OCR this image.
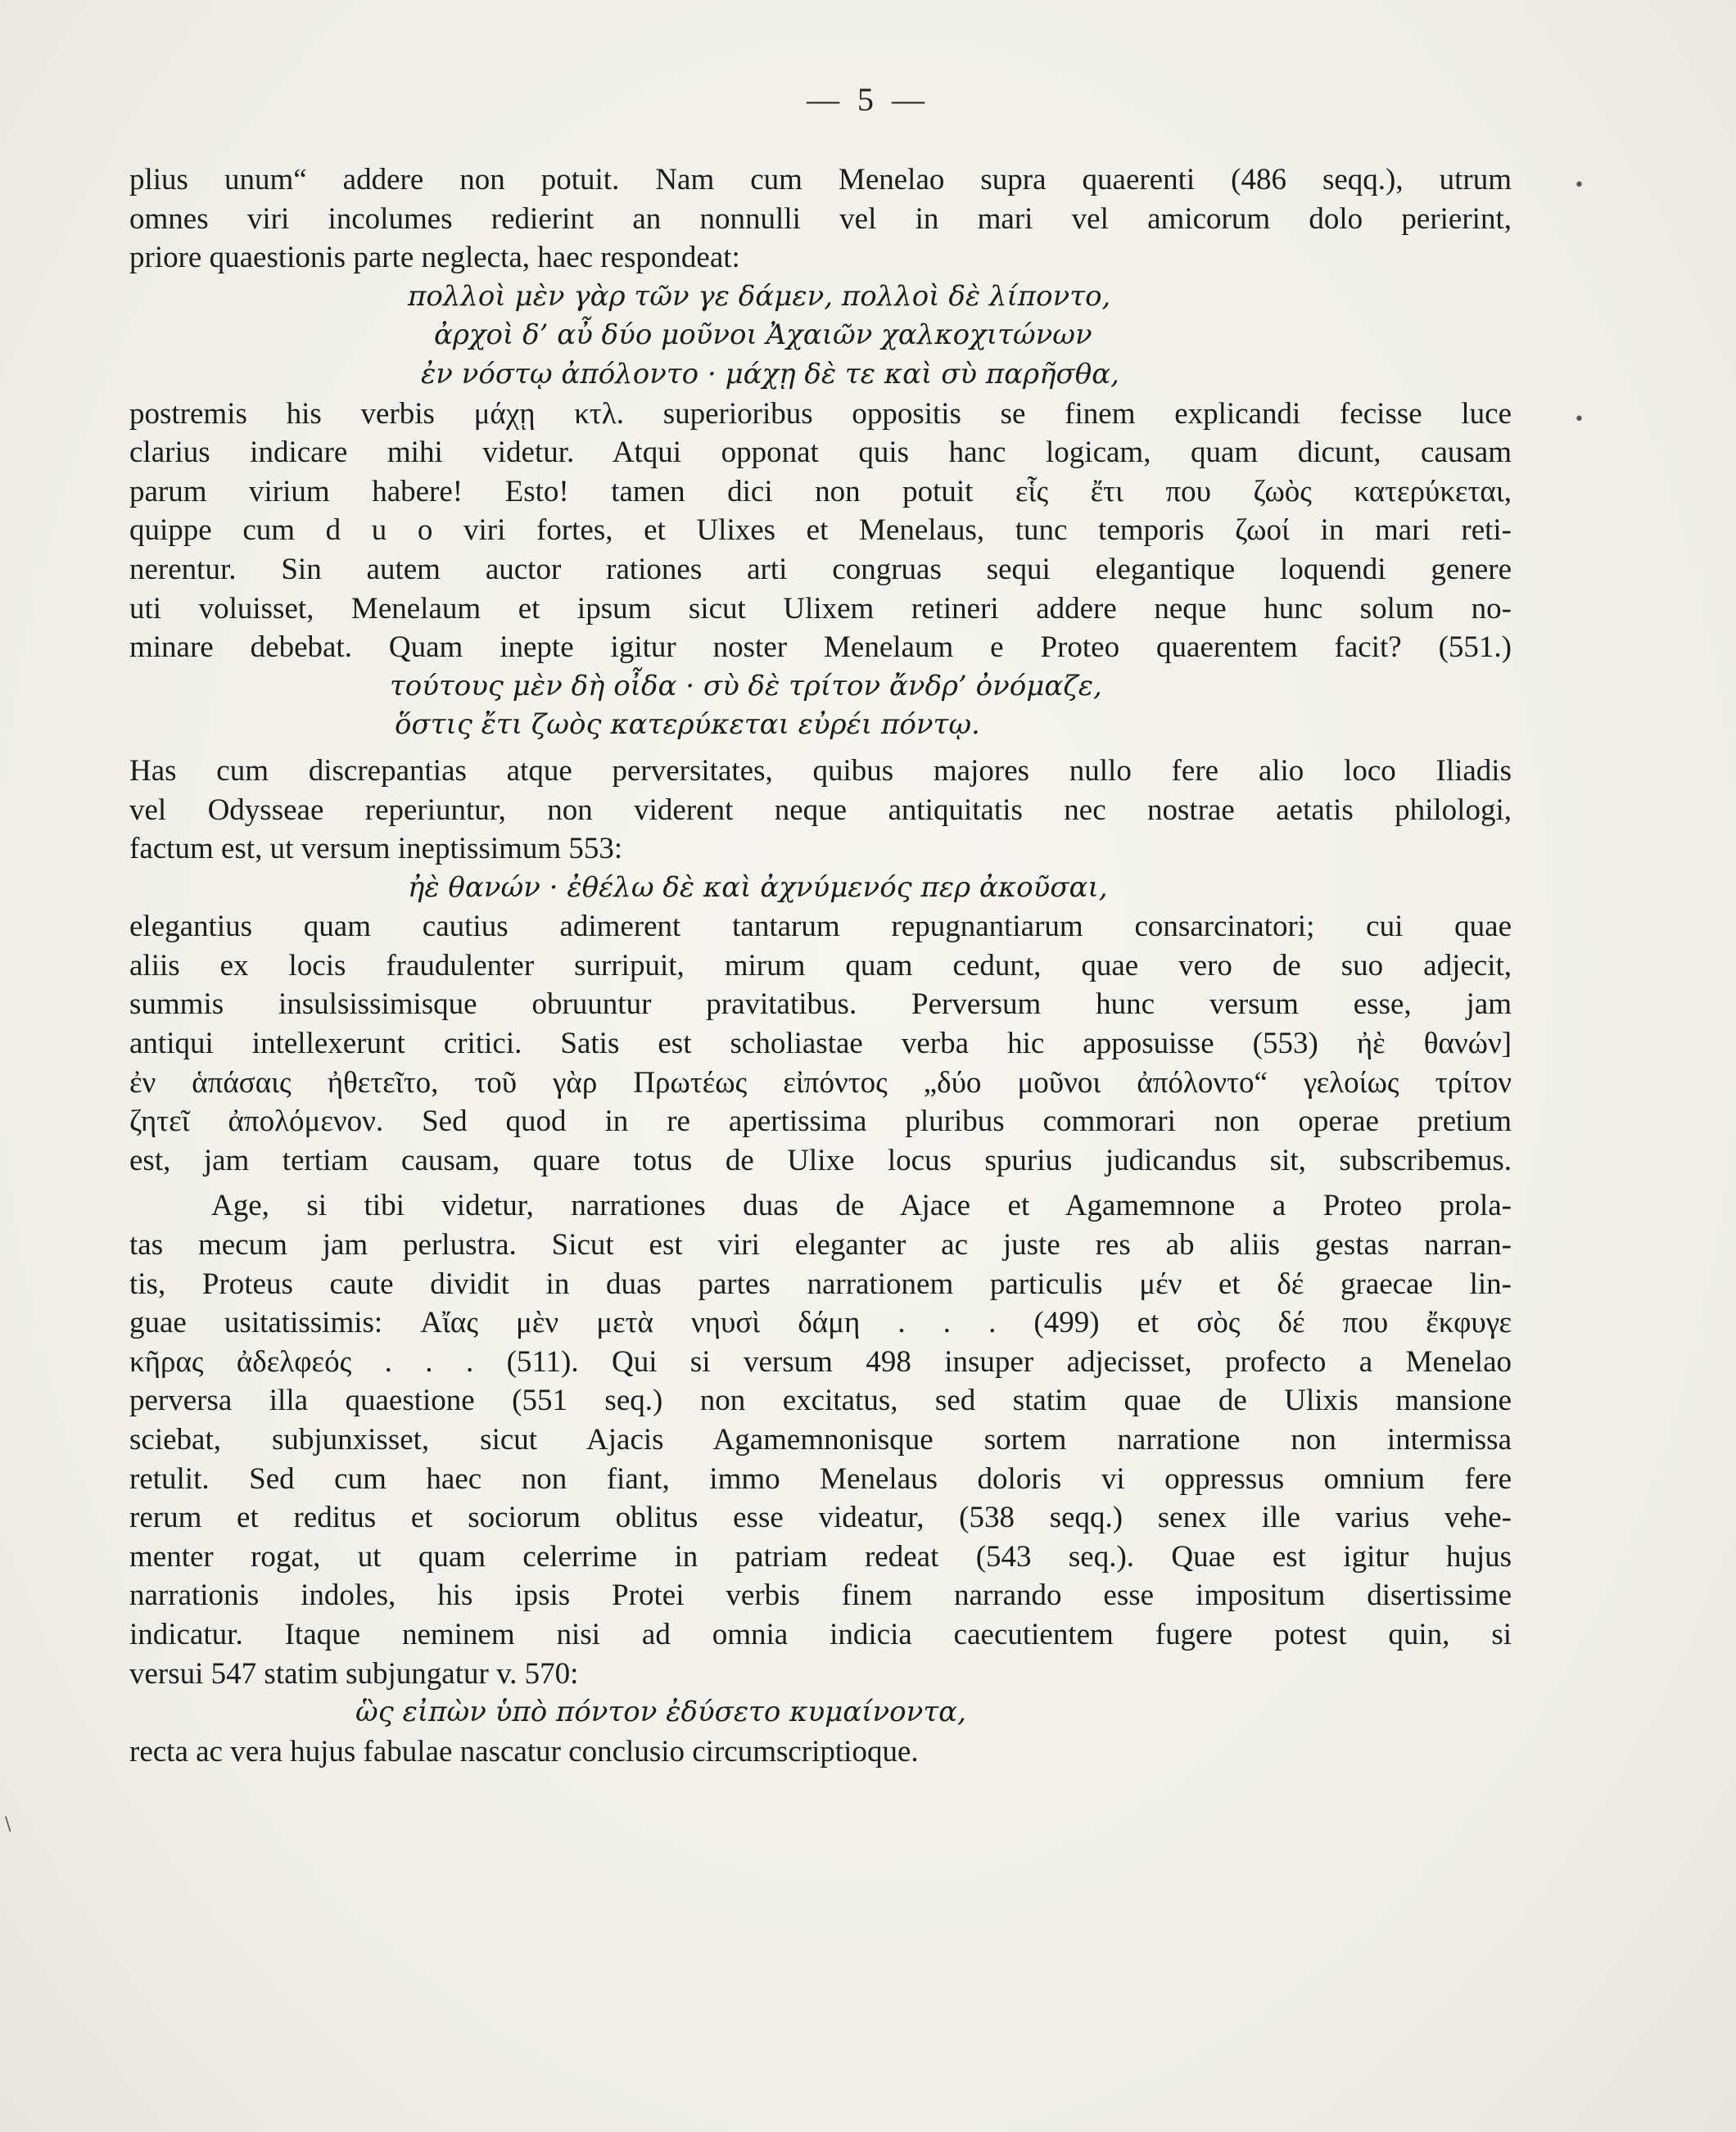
— 5 —
•
•
\
plius unum“ addere non potuit. Nam cum Menelao supra quaerenti (486 seqq.), utrum
omnes viri incolumes redierint an nonnulli vel in mari vel amicorum dolo perierint,
priore quaestionis parte neglecta, haec respondeat:
πολλοὶ μὲν γὰρ τῶν γε δάμεν, πολλοὶ δὲ λίποντο,
ἀρχοὶ δ’ αὖ δύο μοῦνοι Ἀχαιῶν χαλκοχιτώνων
ἐν νόστῳ ἀπόλοντο · μάχῃ δὲ τε καὶ σὺ παρῆσθα,
postremis his verbis μάχῃ κτλ. superioribus oppositis se finem explicandi fecisse luce
clarius indicare mihi videtur. Atqui opponat quis hanc logicam, quam dicunt, causam
parum virium habere! Esto! tamen dici non potuit εἷς ἔτι που ζωὸς κατερύκεται,
quippe cum d u o viri fortes, et Ulixes et Menelaus, tunc temporis ζωοί in mari reti-
nerentur. Sin autem auctor rationes arti congruas sequi elegantique loquendi genere
uti voluisset, Menelaum et ipsum sicut Ulixem retineri addere neque hunc solum no-
minare debebat. Quam inepte igitur noster Menelaum e Proteo quaerentem facit? (551.)
τούτους μὲν δὴ οἶδα · σὺ δὲ τρίτον ἄνδρ’ ὀνόμαζε,
ὅστις ἔτι ζωὸς κατερύκεται εὐρέι πόντῳ.
Has cum discrepantias atque perversitates, quibus majores nullo fere alio loco Iliadis
vel Odysseae reperiuntur, non viderent neque antiquitatis nec nostrae aetatis philologi,
factum est, ut versum ineptissimum 553:
ἠὲ θανών · ἐθέλω δὲ καὶ ἀχνύμενός περ ἀκοῦσαι,
elegantius quam cautius adimerent tantarum repugnantiarum consarcinatori; cui quae
aliis ex locis fraudulenter surripuit, mirum quam cedunt, quae vero de suo adjecit,
summis insulsissimisque obruuntur pravitatibus. Perversum hunc versum esse, jam
antiqui intellexerunt critici. Satis est scholiastae verba hic apposuisse (553) ἠὲ θανών]
ἐν ἁπάσαις ἠθετεῖτο, τοῦ γὰρ Πρωτέως εἰπόντος „δύο μοῦνοι ἀπόλοντο“ γελοίως τρίτον
ζητεῖ ἀπολόμενον. Sed quod in re apertissima pluribus commorari non operae pretium
est, jam tertiam causam, quare totus de Ulixe locus spurius judicandus sit, subscribemus.
Age, si tibi videtur, narrationes duas de Ajace et Agamemnone a Proteo prola-
tas mecum jam perlustra. Sicut est viri eleganter ac juste res ab aliis gestas narran-
tis, Proteus caute dividit in duas partes narrationem particulis μέν et δέ graecae lin-
guae usitatissimis: Αἴας μὲν μετὰ νηυσὶ δάμη . . . (499) et σὸς δέ που ἔκφυγε
κῆρας ἀδελφεός . . . (511). Qui si versum 498 insuper adjecisset, profecto a Menelao
perversa illa quaestione (551 seq.) non excitatus, sed statim quae de Ulixis mansione
sciebat, subjunxisset, sicut Ajacis Agamemnonisque sortem narratione non intermissa
retulit. Sed cum haec non fiant, immo Menelaus doloris vi oppressus omnium fere
rerum et reditus et sociorum oblitus esse videatur, (538 seqq.) senex ille varius vehe-
menter rogat, ut quam celerrime in patriam redeat (543 seq.). Quae est igitur hujus
narrationis indoles, his ipsis Protei verbis finem narrando esse impositum disertissime
indicatur. Itaque neminem nisi ad omnia indicia caecutientem fugere potest quin, si
versui 547 statim subjungatur v. 570:
ὣς εἰπὼν ὑπὸ πόντον ἐδύσετο κυμαίνοντα,
recta ac vera hujus fabulae nascatur conclusio circumscriptioque.
